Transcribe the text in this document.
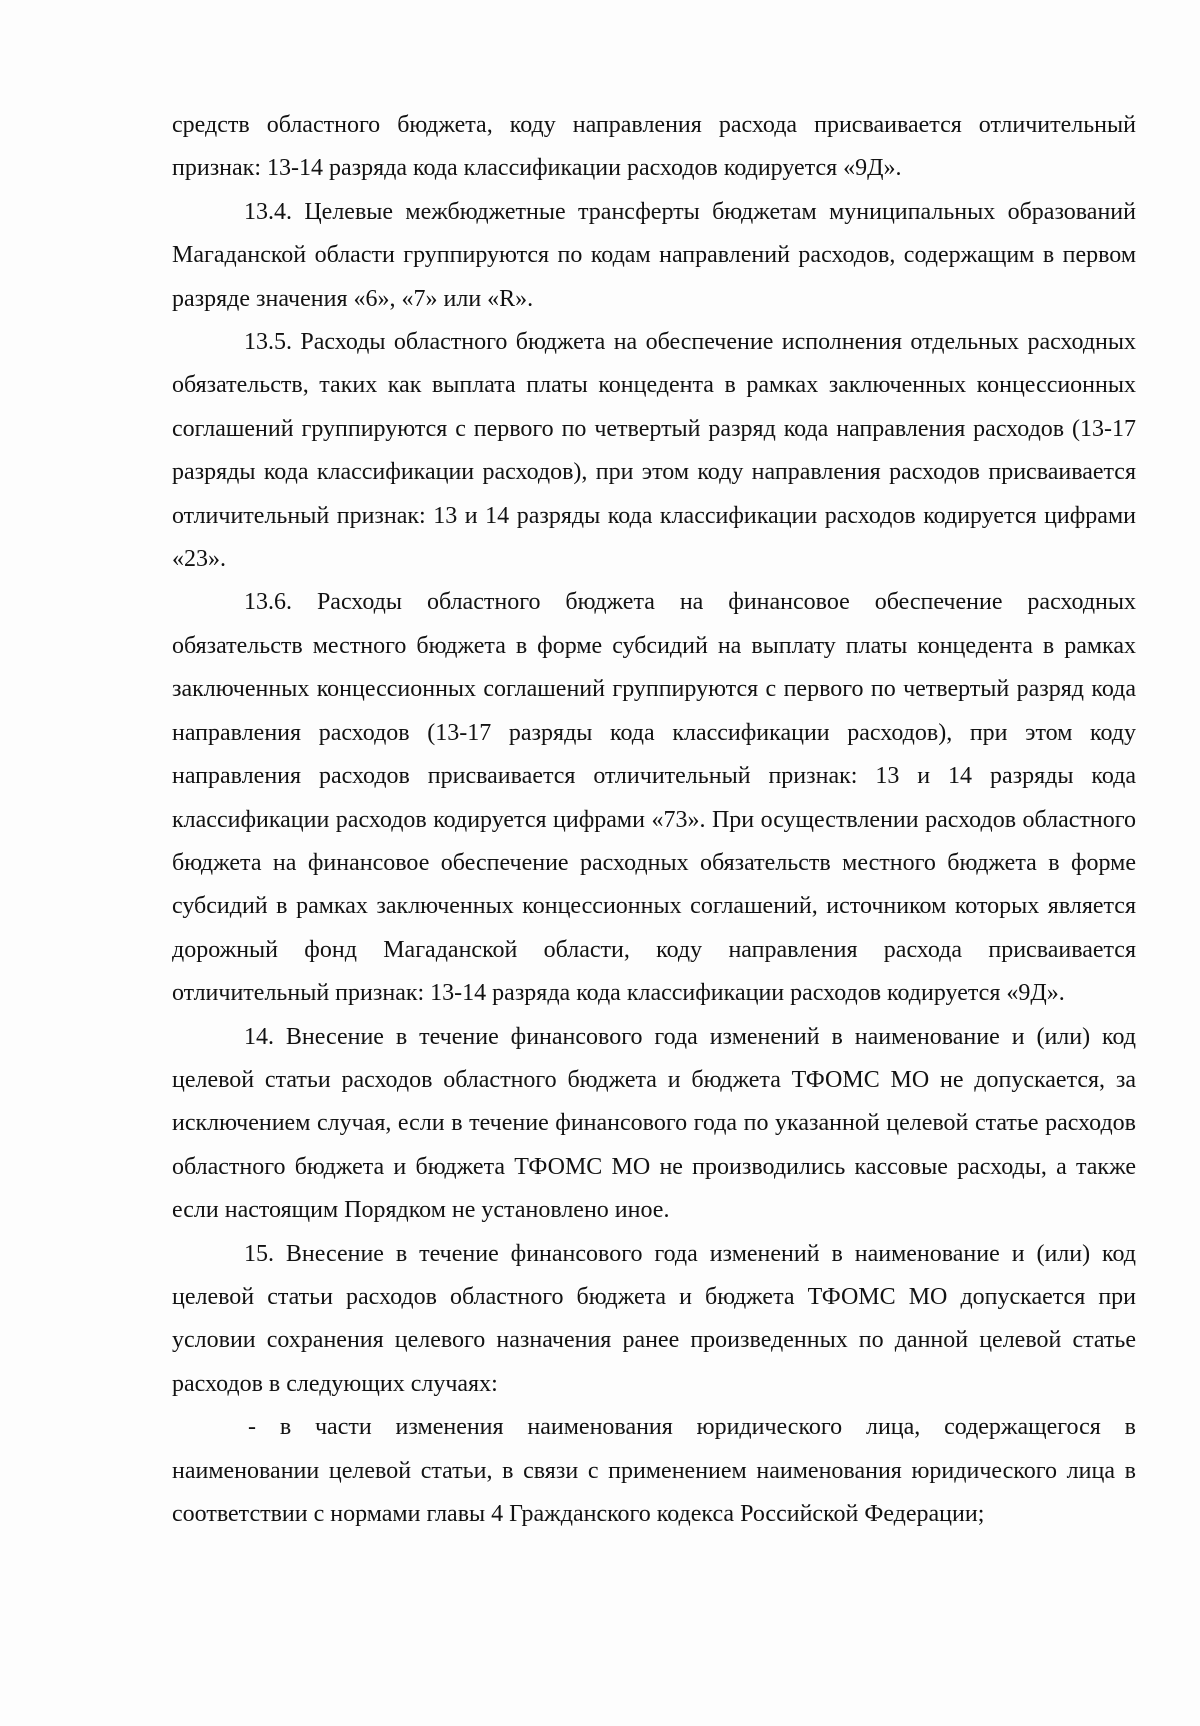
средств областного бюджета, коду направления расхода присваивается отличительный признак: 13-14 разряда кода классификации расходов кодируется «9Д».

13.4. Целевые межбюджетные трансферты бюджетам муниципальных образований Магаданской области группируются по кодам направлений расходов, содержащим в первом разряде значения «6», «7» или «R».

13.5. Расходы областного бюджета на обеспечение исполнения отдельных расходных обязательств, таких как выплата платы концедента в рамках заключенных концессионных соглашений группируются с первого по четвертый разряд кода направления расходов (13-17 разряды кода классификации расходов), при этом коду направления расходов присваивается отличительный признак: 13 и 14 разряды кода классификации расходов кодируется цифрами «23».

13.6. Расходы областного бюджета на финансовое обеспечение расходных обязательств местного бюджета в форме субсидий на выплату платы концедента в рамках заключенных концессионных соглашений группируются с первого по четвертый разряд кода направления расходов (13-17 разряды кода классификации расходов), при этом коду направления расходов присваивается отличительный признак: 13 и 14 разряды кода классификации расходов кодируется цифрами «73». При осуществлении расходов областного бюджета на финансовое обеспечение расходных обязательств местного бюджета в форме субсидий в рамках заключенных концессионных соглашений, источником которых является дорожный фонд Магаданской области, коду направления расхода присваивается отличительный признак: 13-14 разряда кода классификации расходов кодируется «9Д».

14. Внесение в течение финансового года изменений в наименование и (или) код целевой статьи расходов областного бюджета и бюджета ТФОМС МО не допускается, за исключением случая, если в течение финансового года по указанной целевой статье расходов областного бюджета и бюджета ТФОМС МО не производились кассовые расходы, а также если настоящим Порядком не установлено иное.

15. Внесение в течение финансового года изменений в наименование и (или) код целевой статьи расходов областного бюджета и бюджета ТФОМС МО допускается при условии сохранения целевого назначения ранее произведенных по данной целевой статье расходов в следующих случаях:

- в части изменения наименования юридического лица, содержащегося в наименовании целевой статьи, в связи с применением наименования юридического лица в соответствии с нормами главы 4 Гражданского кодекса Российской Федерации;
